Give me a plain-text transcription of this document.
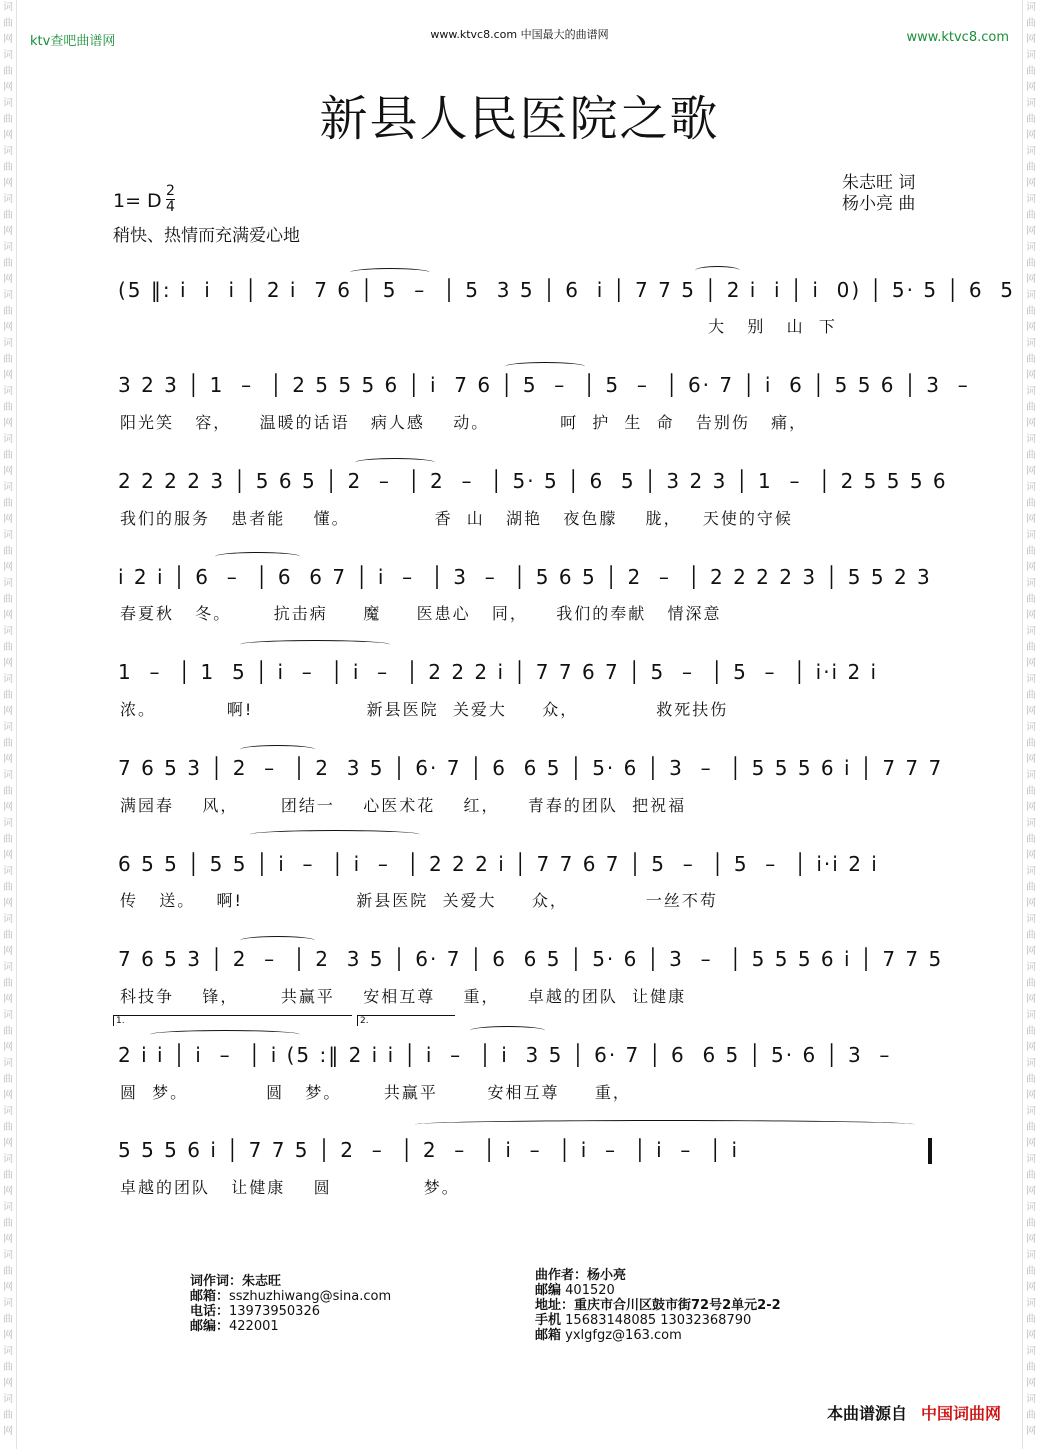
词曲网词曲网词曲网词曲网词曲网词曲网词曲网词曲网词曲网词曲网词曲网词曲网词曲网词曲网词曲网词曲网词曲网词曲网词曲网词曲网词曲网词曲网词曲网词曲网词曲网词曲网词曲网词曲网词曲网词曲网
词曲网词曲网词曲网词曲网词曲网词曲网词曲网词曲网词曲网词曲网词曲网词曲网词曲网词曲网词曲网词曲网词曲网词曲网词曲网词曲网词曲网词曲网词曲网词曲网词曲网词曲网词曲网词曲网词曲网词曲网
ktv查吧曲谱网	www.ktvc8.com 中国最大的曲谱网	www.ktvc8.com
新县人民医院之歌
1= D 2
4
稍快、热情而充满爱心地
朱志旺 词
杨小亮 曲
(5 ‖: i  i  i │ 2 i  7 6 │ 5  –  │ 5  3 5 │ 6  i │ 7 7 5 │ 2 i  i │ i  0) │ 5· 5 │ 6  5
大   别   山  下
3 2 3 │ 1  –  │ 2 5 5 5 6 │ i  7 6 │ 5  –  │ 5  –  │ 6· 7 │ i  6 │ 5 5 6 │ 3  –
阳光笑   容，    温暖的话语   病人感    动。          呵  护  生  命   告别伤   痛，
2 2 2 2 3 │ 5 6 5 │ 2  –  │ 2  –  │ 5· 5 │ 6  5 │ 3 2 3 │ 1  –  │ 2 5 5 5 6
我们的服务   患者能    懂。            香  山   湖艳   夜色朦    胧，   天使的守候
i 2 i │ 6  –  │ 6  6 7 │ i  –  │ 3  –  │ 5 6 5 │ 2  –  │ 2 2 2 2 3 │ 5 5 2 3
春夏秋   冬。      抗击病     魔     医患心   同，    我们的奉献   情深意
1  –  │ 1  5 │ i  –  │ i  –  │ 2 2 2 i │ 7 7 6 7 │ 5  –  │ 5  –  │ i·i 2 i
浓。          啊!                新县医院  关爱大     众，           救死扶伤
7 6 5 3 │ 2  –  │ 2  3 5 │ 6· 7 │ 6  6 5 │ 5· 6 │ 3  –  │ 5 5 5 6 i │ 7 7 7
满园春    风，      团结一    心医术花    红，    青春的团队  把祝福
6 5 5 │ 5 5 │ i  –  │ i  –  │ 2 2 2 i │ 7 7 6 7 │ 5  –  │ 5  –  │ i·i 2 i
传   送。   啊!                新县医院  关爱大     众，           一丝不苟
7 6 5 3 │ 2  –  │ 2  3 5 │ 6· 7 │ 6  6 5 │ 5· 6 │ 3  –  │ 5 5 5 6 i │ 7 7 5
科技争    锋，      共赢平    安相互尊    重，    卓越的团队  让健康
1.	2.
2 i i │ i  –  │ i (5 :‖ 2 i i │ i  –  │ i  3 5 │ 6· 7 │ 6  6 5 │ 5· 6 │ 3  –
圆  梦。           圆   梦。      共赢平       安相互尊     重，
5 5 5 6 i │ 7 7 5 │ 2  –  │ 2  –  │ i  –  │ i  –  │ i  –  │ i
卓越的团队   让健康    圆             梦。
词作词：朱志旺
邮箱：sszhuzhiwang@sina.com
电话：13973950326
邮编：422001
曲作者：杨小亮
邮编 401520
地址：重庆市合川区鼓市街72号2单元2-2
手机 15683148085 13032368790
邮箱 yxlgfgz@163.com
本曲谱源自 中国词曲网
